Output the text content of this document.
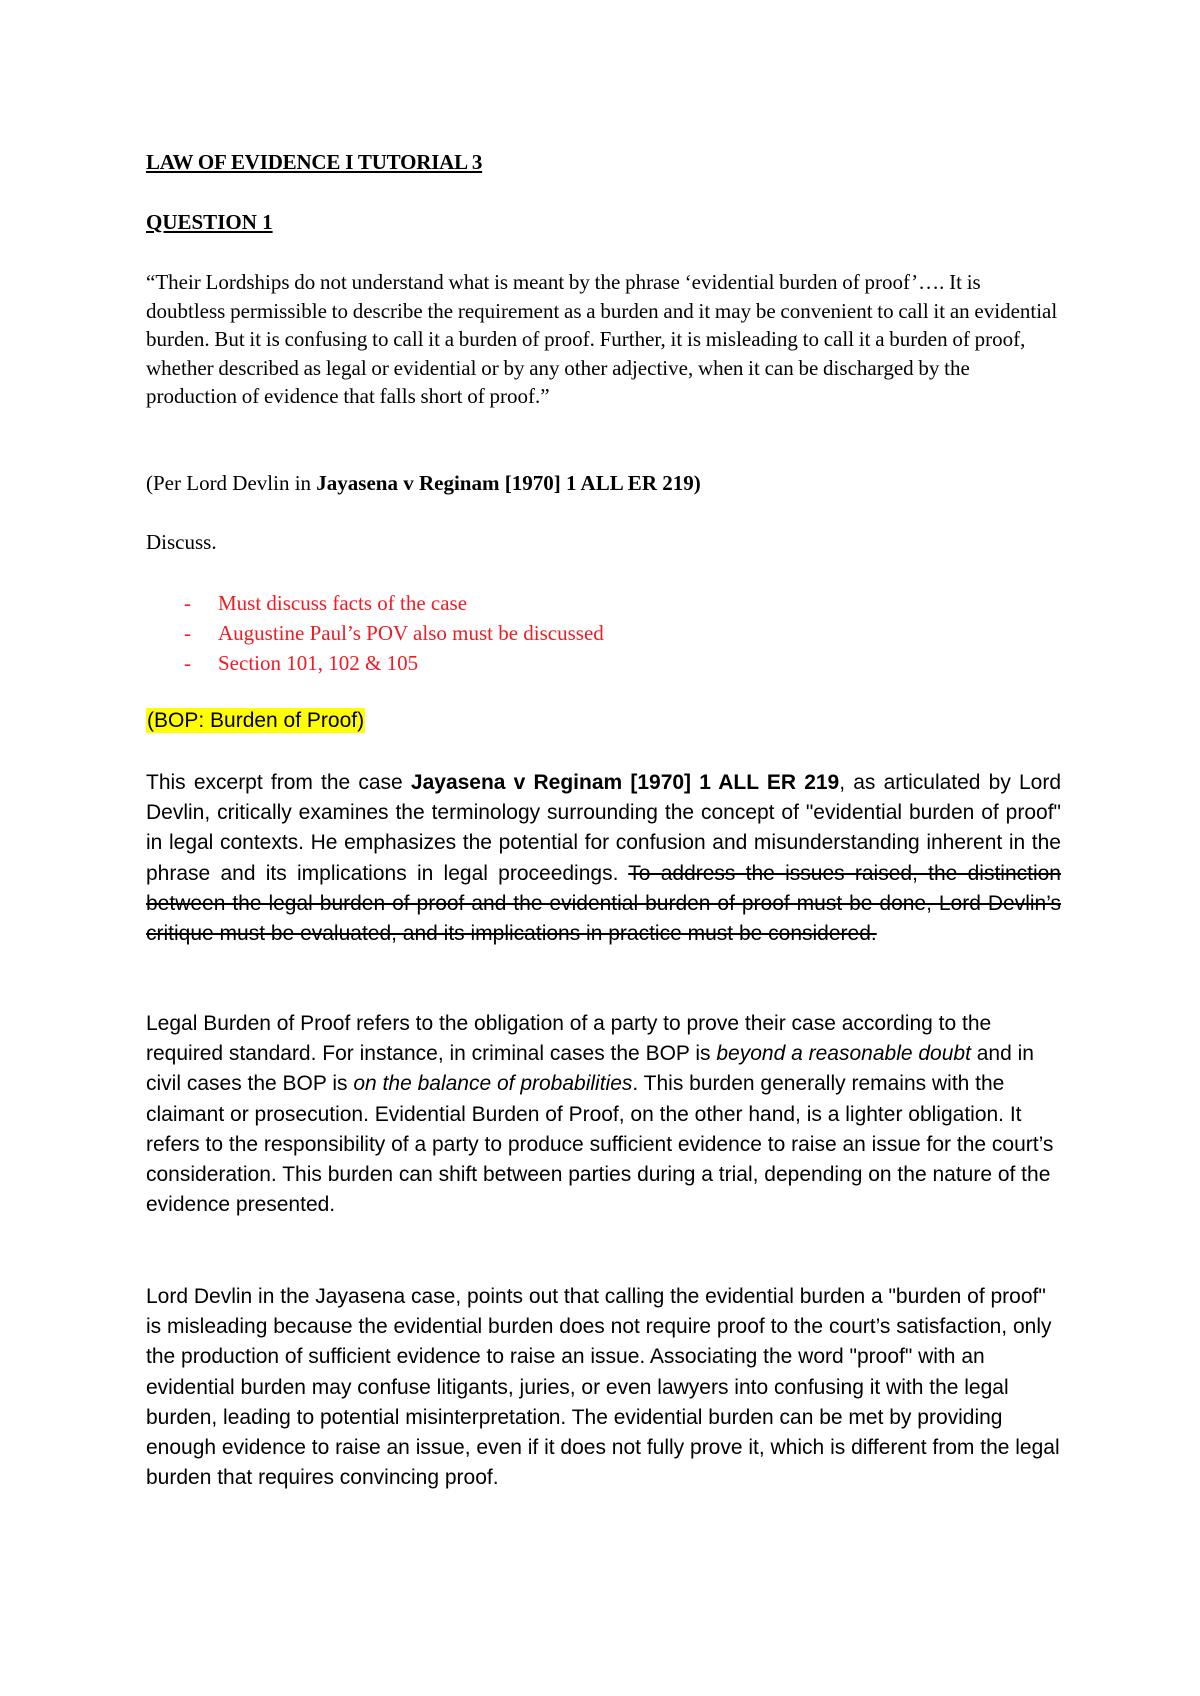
LAW OF EVIDENCE I TUTORIAL 3

QUESTION 1

“Their Lordships do not understand what is meant by the phrase ‘evidential burden of proof’…. It is doubtless permissible to describe the requirement as a burden and it may be convenient to call it an evidential burden. But it is confusing to call it a burden of proof. Further, it is misleading to call it a burden of proof, whether described as legal or evidential or by any other adjective, when it can be discharged by the production of evidence that falls short of proof.”

(Per Lord Devlin in Jayasena v Reginam [1970] 1 ALL ER 219)

Discuss.

- Must discuss facts of the case
- Augustine Paul’s POV also must be discussed
- Section 101, 102 & 105

(BOP: Burden of Proof)

This excerpt from the case Jayasena v Reginam [1970] 1 ALL ER 219, as articulated by Lord Devlin, critically examines the terminology surrounding the concept of "evidential burden of proof" in legal contexts. He emphasizes the potential for confusion and misunderstanding inherent in the phrase and its implications in legal proceedings. To address the issues raised, the distinction between the legal burden of proof and the evidential burden of proof must be done, Lord Devlin’s critique must be evaluated, and its implications in practice must be considered.

Legal Burden of Proof refers to the obligation of a party to prove their case according to the required standard. For instance, in criminal cases the BOP is beyond a reasonable doubt and in civil cases the BOP is on the balance of probabilities. This burden generally remains with the claimant or prosecution. Evidential Burden of Proof, on the other hand, is a lighter obligation. It refers to the responsibility of a party to produce sufficient evidence to raise an issue for the court’s consideration. This burden can shift between parties during a trial, depending on the nature of the evidence presented.

Lord Devlin in the Jayasena case, points out that calling the evidential burden a "burden of proof" is misleading because the evidential burden does not require proof to the court’s satisfaction, only the production of sufficient evidence to raise an issue. Associating the word "proof" with an evidential burden may confuse litigants, juries, or even lawyers into confusing it with the legal burden, leading to potential misinterpretation. The evidential burden can be met by providing enough evidence to raise an issue, even if it does not fully prove it, which is different from the legal burden that requires convincing proof.
